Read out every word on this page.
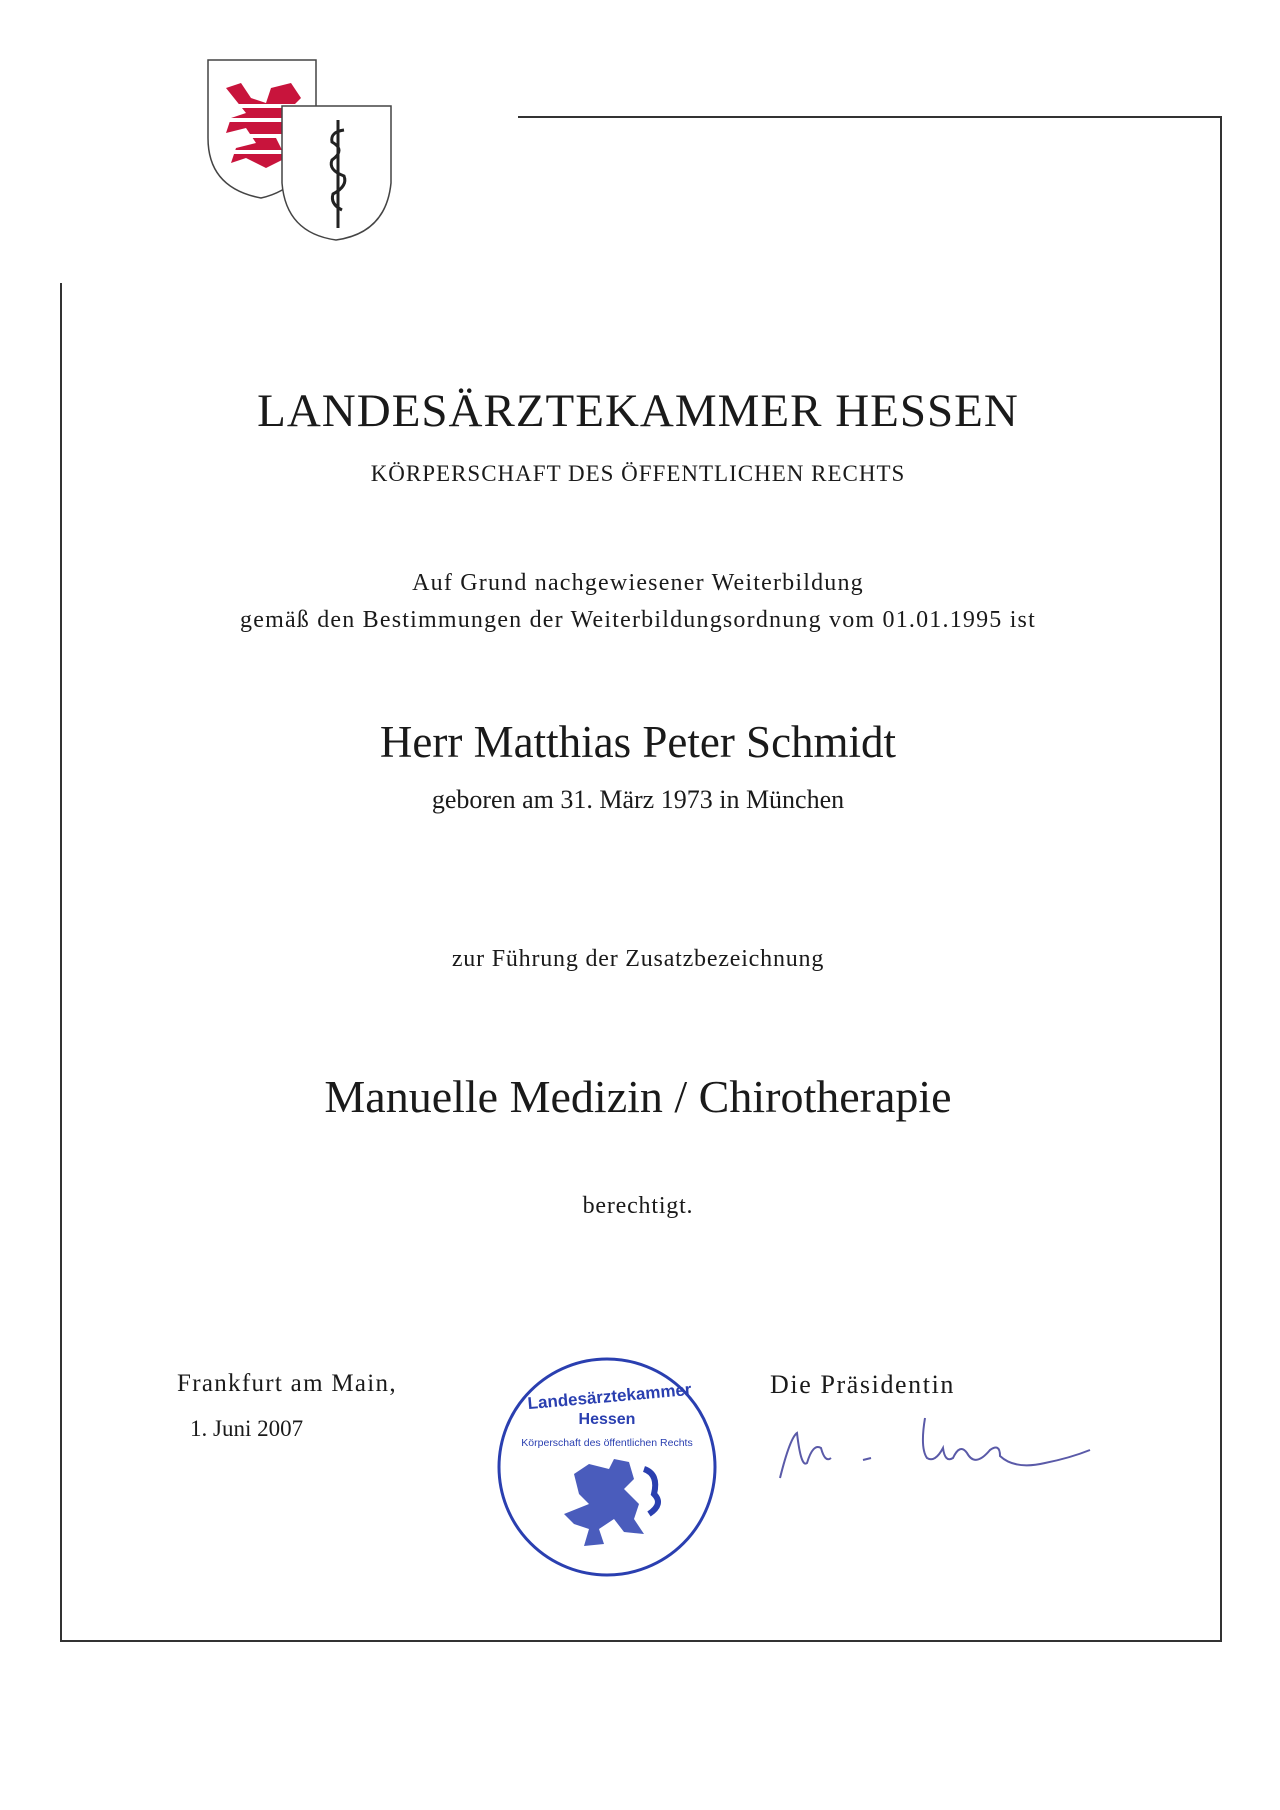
LANDESÄRZTEKAMMER HESSEN
KÖRPERSCHAFT DES ÖFFENTLICHEN RECHTS
Auf Grund nachgewiesener Weiterbildung
gemäß den Bestimmungen der Weiterbildungsordnung vom 01.01.1995 ist
Herr Matthias Peter Schmidt
geboren am 31. März 1973 in München
zur Führung der Zusatzbezeichnung
Manuelle Medizin / Chirotherapie
berechtigt.
Frankfurt am Main,
1. Juni 2007
Die Präsidentin
Landesärztekammer
Hessen
Körperschaft des öffentlichen Rechts
